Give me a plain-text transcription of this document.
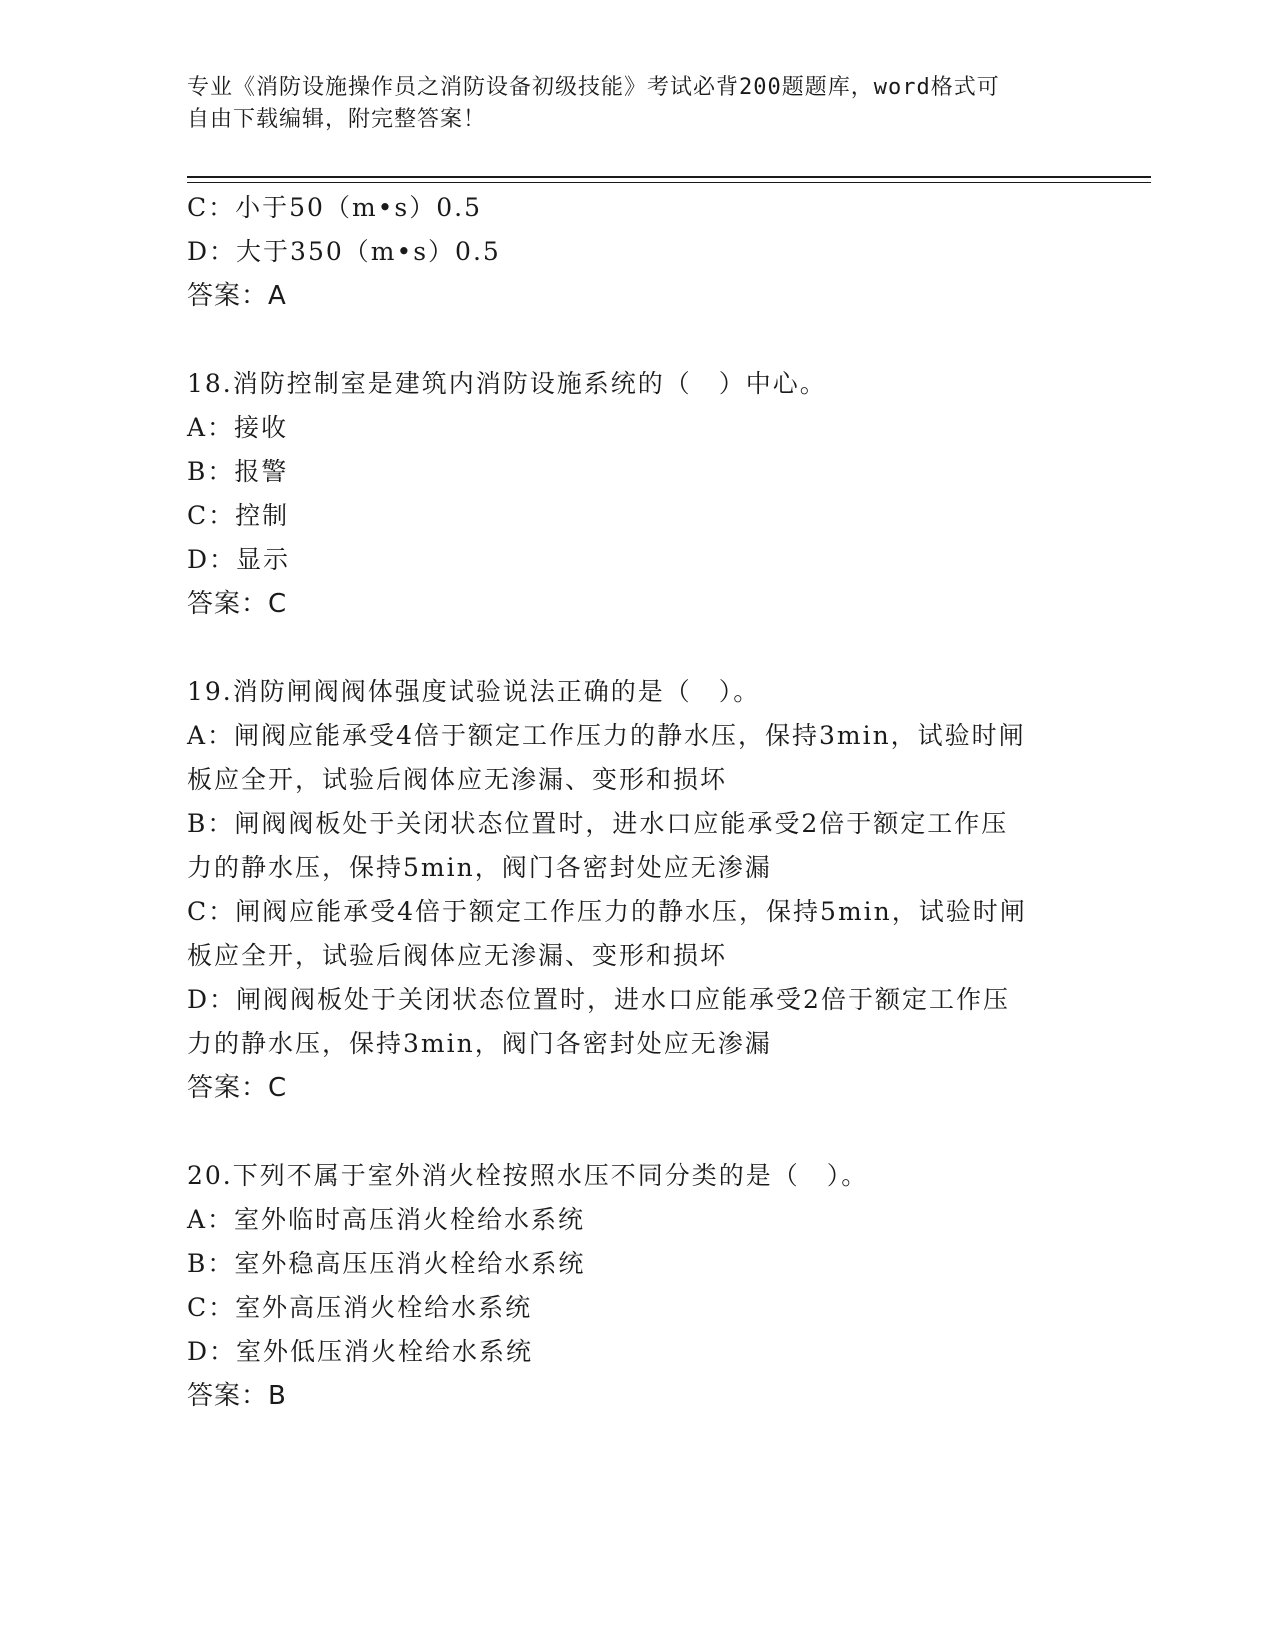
专业《消防设施操作员之消防设备初级技能》考试必背200题题库，word格式可
自由下载编辑，附完整答案！
C：小于50（m•s）0.5
D：大于350（m•s）0.5
答案：A
18.消防控制室是建筑内消防设施系统的（　）中心。
A：接收
B：报警
C：控制
D：显示
答案：C
19.消防闸阀阀体强度试验说法正确的是（　）。
A：闸阀应能承受4倍于额定工作压力的静水压，保持3min，试验时闸
板应全开，试验后阀体应无渗漏、变形和损坏
B：闸阀阀板处于关闭状态位置时，进水口应能承受2倍于额定工作压
力的静水压，保持5min，阀门各密封处应无渗漏
C：闸阀应能承受4倍于额定工作压力的静水压，保持5min，试验时闸
板应全开，试验后阀体应无渗漏、变形和损坏
D：闸阀阀板处于关闭状态位置时，进水口应能承受2倍于额定工作压
力的静水压，保持3min，阀门各密封处应无渗漏
答案：C
20.下列不属于室外消火栓按照水压不同分类的是（　）。
A：室外临时高压消火栓给水系统
B：室外稳高压压消火栓给水系统
C：室外高压消火栓给水系统
D：室外低压消火栓给水系统
答案：B
